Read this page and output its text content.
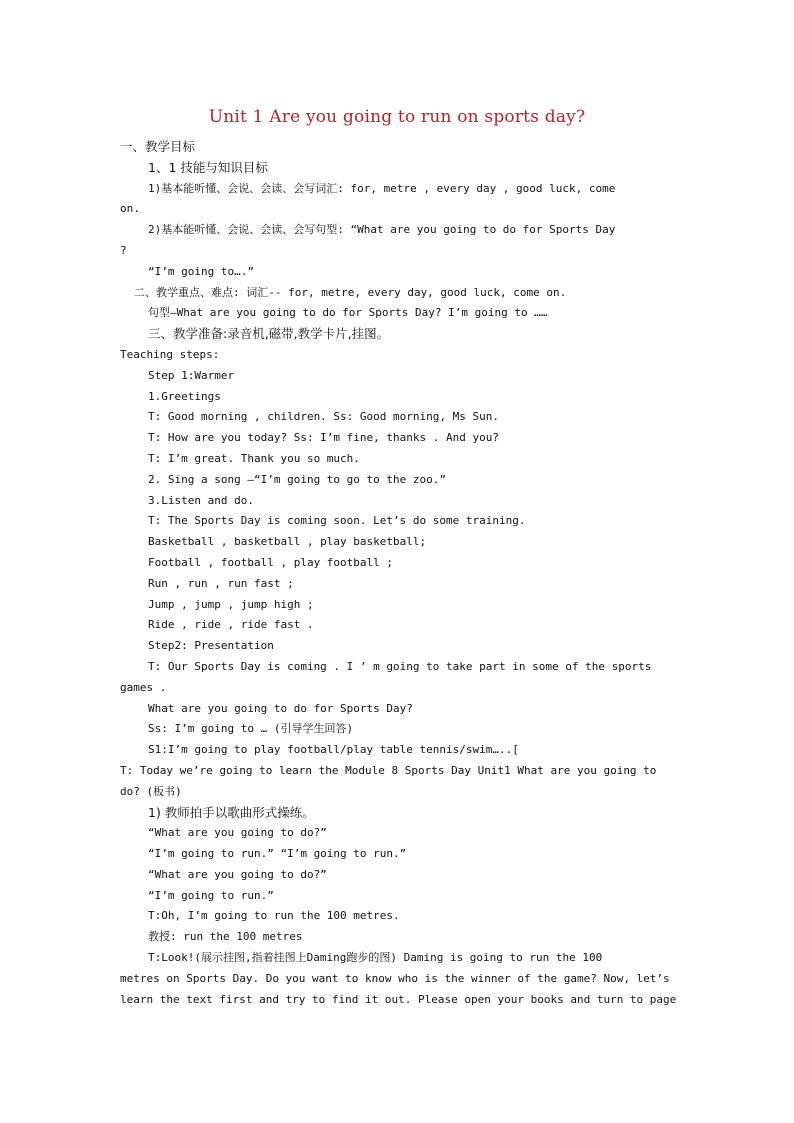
Unit 1 Are you going to run on sports day?
一、教学目标
1、1 技能与知识目标
1)基本能听懂、会说、会读、会写词汇: for, metre , every day , good luck, come
on.
2)基本能听懂、会说、会读、会写句型: “What are you going to do for Sports Day
?
“I’m going to….”
二、教学重点、难点: 词汇-- for, metre, every day, good luck, come on.
句型—What are you going to do for Sports Day? I’m going to ……
三、教学准备:录音机,磁带,教学卡片,挂图。
Teaching steps:
Step 1:Warmer
1.Greetings
T: Good morning , children. Ss: Good morning, Ms Sun.
T: How are you today? Ss: I’m fine, thanks . And you?
T: I’m great. Thank you so much.
2. Sing a song –“I’m going to go to the zoo.”
3.Listen and do.
T: The Sports Day is coming soon. Let’s do some training.
Basketball , basketball , play basketball;
Football , football , play football ;
Run , run , run fast ;
Jump , jump , jump high ;
Ride , ride , ride fast .
Step2: Presentation
T: Our Sports Day is coming . I ’ m going to take part in some of the sports
games .
What are you going to do for Sports Day?
Ss: I’m going to … (引导学生回答)
S1:I’m going to play football/play table tennis/swim…..[
T: Today we’re going to learn the Module 8 Sports Day Unit1 What are you going to
do? (板书)
1) 教师拍手以歌曲形式操练。
“What are you going to do?”
“I’m going to run.” “I’m going to run.”
“What are you going to do?”
“I’m going to run.”
T:Oh, I’m going to run the 100 metres.
教授: run the 100 metres
T:Look!(展示挂图,指着挂图上Daming跑步的图) Daming is going to run the 100
metres on Sports Day. Do you want to know who is the winner of the game? Now, let’s
learn the text first and try to find it out. Please open your books and turn to page
